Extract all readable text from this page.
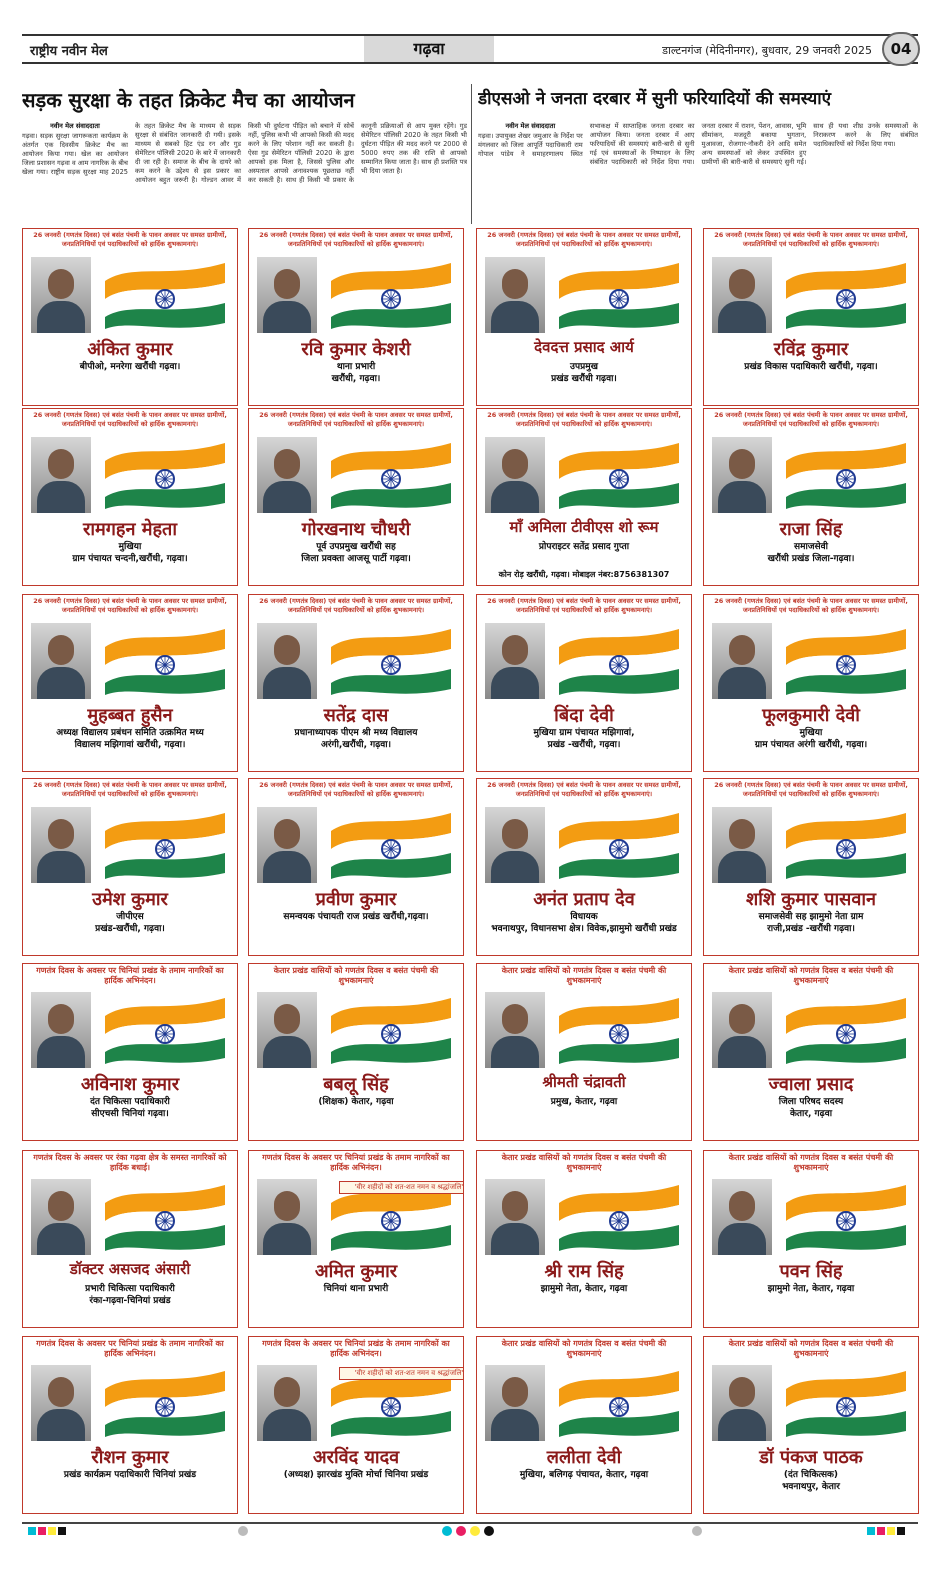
राष्ट्रीय नवीन मेल	गढ़वा	डाल्टनगंज (मेदिनीनगर), बुधवार, 29 जनवरी 2025	04
सड़क सुरक्षा के तहत क्रिकेट मैच का आयोजन	डीएसओ ने जनता दरबार में सुनी फरियादियों की समस्याएं
नवीन मेल संवाददाता
गढ़वा। सड़क सुरक्षा जागरूकता कार्यक्रम के अंतर्गत एक दिवसीय क्रिकेट मैच का आयोजन किया गया। खेल का आयोजन जिला प्रशासन गढ़वा व आम नागरिक के बीच खेला गया। राष्ट्रीय सड़क सुरक्षा माह 2025 के तहत क्रिकेट मैच के माध्यम से सड़क सुरक्षा से संबंधित जानकारी दी गयी। इसके माध्यम से सबको हिट एंड रन और गुड सेमेरिटन पॉलिसी 2020 के बारे में जानकारी दी जा रही है। समाज के बीच के दायरे को कम करने के उद्देश्य से इस प्रकार का आयोजन बहुत जरूरी है। गोल्डन आवर में किसी भी दुर्घटना पीड़ित को बचाने में सोचें नहीं, पुलिस कभी भी आपको किसी की मदद करने के लिए परेशान नहीं कर सकती है। ऐसा गुड सेमेरिटन पॉलिसी 2020 के द्वारा आपको हक मिला है, जिससे पुलिस और अस्पताल आपसे अनावश्यक पूछताछ नहीं कर सकती है। साथ ही किसी भी प्रकार के कानूनी प्रक्रियाओं से आप मुक्त रहेंगे। गुड सेमेरिटन पॉलिसी 2020 के तहत किसी भी दुर्घटना पीड़ित की मदद करने पर 2000 से 5000 रुपए तक की राशि से आपको सम्मानित किया जाता है। साथ ही प्रशस्ति पत्र भी दिया जाता है।
नवीन मेल संवाददाता
गढ़वा। उपायुक्त शेखर जमुआर के निर्देश पर मंगलवार को जिला आपूर्ति पदाधिकारी राम गोपाल पांडेय ने समाहरणालय स्थित सभाकक्ष में साप्ताहिक जनता दरबार का आयोजन किया। जनता दरबार में आए फरियादियों की समस्याएं बारी-बारी से सुनी गई एवं समस्याओं के निष्पादन के लिए संबंधित पदाधिकारी को निर्देश दिया गया। जनता दरबार में राशन, पेंशन, आवास, भूमि सीमांकन, मजदूरी बकाया भुगतान, मुआवजा, रोजगार-नौकरी देने आदि समेत अन्य समस्याओं को लेकर उपस्थित हुए ग्रामीणों की बारी-बारी से समस्याएं सुनी गईं। साथ ही यथा शीघ्र उनके समस्याओं के निराकरण करने के लिए संबंधित पदाधिकारियों को निर्देश दिया गया।
26 जनवरी (गणतंत्र दिवस) एवं बसंत पंचमी के पावन अवसर पर समस्त ग्रामीणों, जनप्रतिनिधियों एवं पदाधिकारियों को हार्दिक शुभकामनाएं।
अंकित कुमार
बीपीओ, मनरेगा खरौंधी गढ़वा।
26 जनवरी (गणतंत्र दिवस) एवं बसंत पंचमी के पावन अवसर पर समस्त ग्रामीणों, जनप्रतिनिधियों एवं पदाधिकारियों को हार्दिक शुभकामनाएं।
रवि कुमार केशरी
थाना प्रभारी
खरौंधी, गढ़वा।
26 जनवरी (गणतंत्र दिवस) एवं बसंत पंचमी के पावन अवसर पर समस्त ग्रामीणों, जनप्रतिनिधियों एवं पदाधिकारियों को हार्दिक शुभकामनाएं।
देवदत्त प्रसाद आर्य
उपप्रमुख
प्रखंड खरौंधी गढ़वा।
26 जनवरी (गणतंत्र दिवस) एवं बसंत पंचमी के पावन अवसर पर समस्त ग्रामीणों, जनप्रतिनिधियों एवं पदाधिकारियों को हार्दिक शुभकामनाएं।
रविंद्र कुमार
प्रखंड विकास पदाधिकारी खरौंधी, गढ़वा।
26 जनवरी (गणतंत्र दिवस) एवं बसंत पंचमी के पावन अवसर पर समस्त ग्रामीणों, जनप्रतिनिधियों एवं पदाधिकारियों को हार्दिक शुभकामनाएं।
रामगहन मेहता
मुखिया
ग्राम पंचायत चन्दनी,खरौंधी, गढ़वा।
26 जनवरी (गणतंत्र दिवस) एवं बसंत पंचमी के पावन अवसर पर समस्त ग्रामीणों, जनप्रतिनिधियों एवं पदाधिकारियों को हार्दिक शुभकामनाएं।
गोरखनाथ चौधरी
पूर्व उपप्रमुख खरौंधी सह
जिला प्रवक्ता आजसू पार्टी गढ़वा।
26 जनवरी (गणतंत्र दिवस) एवं बसंत पंचमी के पावन अवसर पर समस्त ग्रामीणों, जनप्रतिनिधियों एवं पदाधिकारियों को हार्दिक शुभकामनाएं।
माँ अमिला टीवीएस शो रूम
प्रोपराइटर सतेंद्र प्रसाद गुप्ता
कोन रोड़ खरौंधी, गढ़वा। मोबाइल नंबर:8756381307
26 जनवरी (गणतंत्र दिवस) एवं बसंत पंचमी के पावन अवसर पर समस्त ग्रामीणों, जनप्रतिनिधियों एवं पदाधिकारियों को हार्दिक शुभकामनाएं।
राजा सिंह
समाजसेवी
खरौंधी प्रखंड जिला-गढ़वा।
26 जनवरी (गणतंत्र दिवस) एवं बसंत पंचमी के पावन अवसर पर समस्त ग्रामीणों, जनप्रतिनिधियों एवं पदाधिकारियों को हार्दिक शुभकामनाएं।
मुहब्बत हुसैन
अध्यक्ष विद्यालय प्रबंधन समिति उत्क्रमित मध्य
विद्यालय मझिगावां खरौंधी, गढ़वा।
26 जनवरी (गणतंत्र दिवस) एवं बसंत पंचमी के पावन अवसर पर समस्त ग्रामीणों, जनप्रतिनिधियों एवं पदाधिकारियों को हार्दिक शुभकामनाएं।
सतेंद्र दास
प्रधानाध्यापक पीएम श्री मध्य विद्यालय
अरंगी,खरौंधी, गढ़वा।
26 जनवरी (गणतंत्र दिवस) एवं बसंत पंचमी के पावन अवसर पर समस्त ग्रामीणों, जनप्रतिनिधियों एवं पदाधिकारियों को हार्दिक शुभकामनाएं।
बिंदा देवी
मुखिया ग्राम पंचायत मझिगावां,
प्रखंड -खरौंधी, गढ़वा।
26 जनवरी (गणतंत्र दिवस) एवं बसंत पंचमी के पावन अवसर पर समस्त ग्रामीणों, जनप्रतिनिधियों एवं पदाधिकारियों को हार्दिक शुभकामनाएं।
फूलकुमारी देवी
मुखिया
ग्राम पंचायत अरंगी खरौंधी, गढ़वा।
26 जनवरी (गणतंत्र दिवस) एवं बसंत पंचमी के पावन अवसर पर समस्त ग्रामीणों, जनप्रतिनिधियों एवं पदाधिकारियों को हार्दिक शुभकामनाएं।
उमेश कुमार
जीपीएस
प्रखंड-खरौंधी, गढ़वा।
26 जनवरी (गणतंत्र दिवस) एवं बसंत पंचमी के पावन अवसर पर समस्त ग्रामीणों, जनप्रतिनिधियों एवं पदाधिकारियों को हार्दिक शुभकामनाएं।
प्रवीण कुमार
समन्वयक पंचायती राज प्रखंड खरौंधी,गढ़वा।
26 जनवरी (गणतंत्र दिवस) एवं बसंत पंचमी के पावन अवसर पर समस्त ग्रामीणों, जनप्रतिनिधियों एवं पदाधिकारियों को हार्दिक शुभकामनाएं।
अनंत प्रताप देव
विधायक
भवनाथपुर, विधानसभा क्षेत्र। विवेक,झामुमो खरौंधी प्रखंड
26 जनवरी (गणतंत्र दिवस) एवं बसंत पंचमी के पावन अवसर पर समस्त ग्रामीणों, जनप्रतिनिधियों एवं पदाधिकारियों को हार्दिक शुभकामनाएं।
शशि कुमार पासवान
समाजसेवी सह झामुमो नेता ग्राम
राजी,प्रखंड -खरौंधी गढ़वा।
गणतंत्र दिवस के अवसर पर चिनियां प्रखंड के तमाम नागरिकों का हार्दिक अभिनंदन।
अविनाश कुमार
दंत चिकित्सा पदाधिकारी
सीएचसी चिनियां गढ़वा।
केतार प्रखंड वासियों को गणतंत्र दिवस व बसंत पंचमी की शुभकामनाएं
बबलू सिंह
(शिक्षक) केतार, गढ़वा
केतार प्रखंड वासियों को गणतंत्र दिवस व बसंत पंचमी की शुभकामनाएं
श्रीमती चंद्रावती
प्रमुख, केतार, गढ़वा
केतार प्रखंड वासियों को गणतंत्र दिवस व बसंत पंचमी की शुभकामनाएं
ज्वाला प्रसाद
जिला परिषद सदस्य
केतार, गढ़वा
गणतंत्र दिवस के अवसर पर रंका गढ़वा क्षेत्र के समस्त नागरिकों को हार्दिक बधाई।
डॉक्टर असजद अंसारी
प्रभारी चिकित्सा पदाधिकारी
रंका-गढ़वा-चिनियां प्रखंड
गणतंत्र दिवस के अवसर पर चिनियां प्रखंड के तमाम नागरिकों का हार्दिक अभिनंदन।
'वीर शहीदों को शत-शत नमन व श्रद्धांजलि'
अमित कुमार
चिनियां थाना प्रभारी
केतार प्रखंड वासियों को गणतंत्र दिवस व बसंत पंचमी की शुभकामनाएं
श्री राम सिंह
झामुमो नेता, केतार, गढ़वा
केतार प्रखंड वासियों को गणतंत्र दिवस व बसंत पंचमी की शुभकामनाएं
पवन सिंह
झामुमो नेता, केतार, गढ़वा
गणतंत्र दिवस के अवसर पर चिनियां प्रखंड के तमाम नागरिकों का हार्दिक अभिनंदन।
रौशन कुमार
प्रखंड कार्यक्रम पदाधिकारी चिनियां प्रखंड
गणतंत्र दिवस के अवसर पर चिनियां प्रखंड के तमाम नागरिकों का हार्दिक अभिनंदन।
'वीर शहीदों को शत-शत नमन व श्रद्धांजलि'
अरविंद यादव
(अध्यक्ष) झारखंड मुक्ति मोर्चा चिनिया प्रखंड
केतार प्रखंड वासियों को गणतंत्र दिवस व बसंत पंचमी की शुभकामनाएं
ललीता देवी
मुखिया, बलिगढ़ पंचायत, केतार, गढ़वा
केतार प्रखंड वासियों को गणतंत्र दिवस व बसंत पंचमी की शुभकामनाएं
डॉ पंकज पाठक
(दंत चिकित्सक)
भवनाथपुर, केतार
